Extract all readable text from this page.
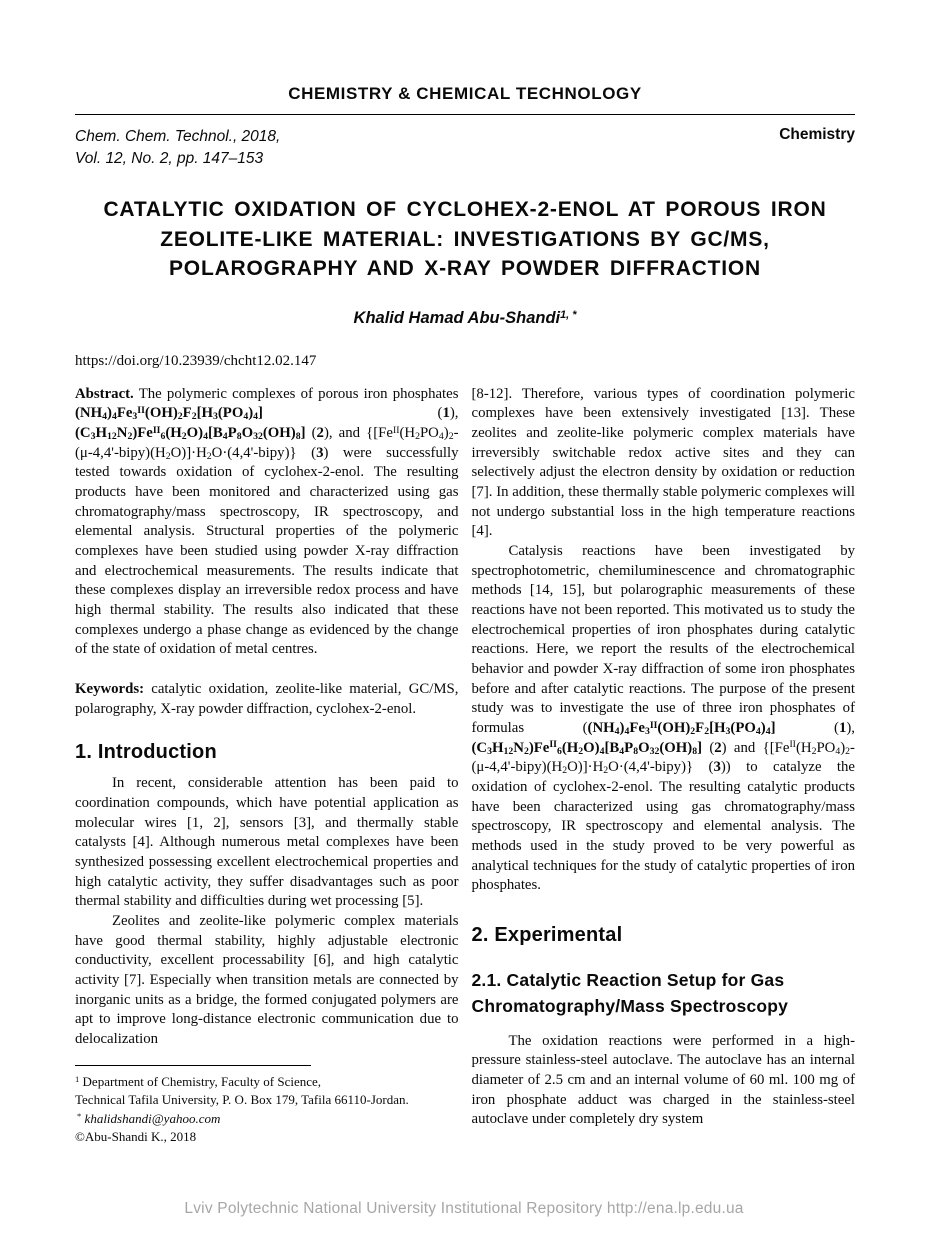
CHEMISTRY & CHEMICAL TECHNOLOGY
Chem. Chem. Technol., 2018,
Vol. 12, No. 2, pp. 147–153
Chemistry
CATALYTIC OXIDATION OF CYCLOHEX-2-ENOL AT POROUS IRON ZEOLITE-LIKE MATERIAL: INVESTIGATIONS BY GC/MS, POLAROGRAPHY AND X-RAY POWDER DIFFRACTION
Khalid Hamad Abu-Shandi$^{1, *}$
https://doi.org/10.23939/chcht12.02.147

Abstract. The polymeric complexes of porous iron phosphates $(NH_4)_4Fe_3^{II}(OH)_2F_2[H_3(PO_4)_4]$ (1), $(C_3H_{12}N_2)Fe^{II}_6(H_2O)_4[B_4P_8O_{32}(OH)_8]$ (2), and $\{[Fe^{II}(H_2PO_4)_2-(\mu-4,4'-bipy)(H_2O)]\cdot H_2O\cdot(4,4'-bipy)\}$ (3) were successfully tested towards oxidation of cyclohex-2-enol. The resulting products have been monitored and characterized using gas chromatography/mass spectroscopy, IR spectroscopy, and elemental analysis. Structural properties of the polymeric complexes have been studied using powder X-ray diffraction and electrochemical measurements. The results indicate that these complexes display an irreversible redox process and have high thermal stability. The results also indicated that these complexes undergo a phase change as evidenced by the change of the state of oxidation of metal centres.

Keywords: catalytic oxidation, zeolite-like material, GC/MS, polarography, X-ray powder diffraction, cyclohex-2-enol.

1. Introduction

In recent, considerable attention has been paid to coordination compounds, which have potential application as molecular wires [1, 2], sensors [3], and thermally stable catalysts [4]. Although numerous metal complexes have been synthesized possessing excellent electrochemical properties and high catalytic activity, they suffer disadvantages such as poor thermal stability and difficulties during wet processing [5].

Zeolites and zeolite-like polymeric complex materials have good thermal stability, highly adjustable electronic conductivity, excellent processability [6], and high catalytic activity [7]. Especially when transition metals are connected by inorganic units as a bridge, the formed conjugated polymers are apt to improve long-distance electronic communication due to delocalization

$^1$ Department of Chemistry, Faculty of Science,
Technical Tafila University, P. O. Box 179, Tafila 66110-Jordan.
* khalidshandi@yahoo.com
©Abu-Shandi K., 2018

[8-12]. Therefore, various types of coordination polymeric complexes have been extensively investigated [13]. These zeolites and zeolite-like polymeric complex materials have irreversibly switchable redox active sites and they can selectively adjust the electron density by oxidation or reduction [7]. In addition, these thermally stable polymeric complexes will not undergo substantial loss in the high temperature reactions [4].

Catalysis reactions have been investigated by spectrophotometric, chemiluminescence and chromatographic methods [14, 15], but polarographic measurements of these reactions have not been reported. This motivated us to study the electrochemical properties of iron phosphates during catalytic reactions. Here, we report the results of the electrochemical behavior and powder X-ray diffraction of some iron phosphates before and after catalytic reactions. The purpose of the present study was to investigate the use of three iron phosphates of formulas ($(NH_4)_4Fe_3^{II}(OH)_2F_2[H_3(PO_4)_4]$ (1), $(C_3H_{12}N_2)Fe^{II}_6(H_2O)_4[B_4P_8O_{32}(OH)_8]$ (2) and $\{[Fe^{II}(H_2PO_4)_2-(\mu-4,4'-bipy)(H_2O)]\cdot H_2O\cdot(4,4'-bipy)\}$ (3)) to catalyze the oxidation of cyclohex-2-enol. The resulting catalytic products have been characterized using gas chromatography/mass spectroscopy, IR spectroscopy and elemental analysis. The methods used in the study proved to be very powerful as analytical techniques for the study of catalytic properties of iron phosphates.

2. Experimental
2.1. Catalytic Reaction Setup for Gas Chromatography/Mass Spectroscopy

The oxidation reactions were performed in a high-pressure stainless-steel autoclave. The autoclave has an internal diameter of 2.5 cm and an internal volume of 60 ml. 100 mg of iron phosphate adduct was charged in the stainless-steel autoclave under completely dry system

Lviv Polytechnic National University Institutional Repository http://ena.lp.edu.ua
